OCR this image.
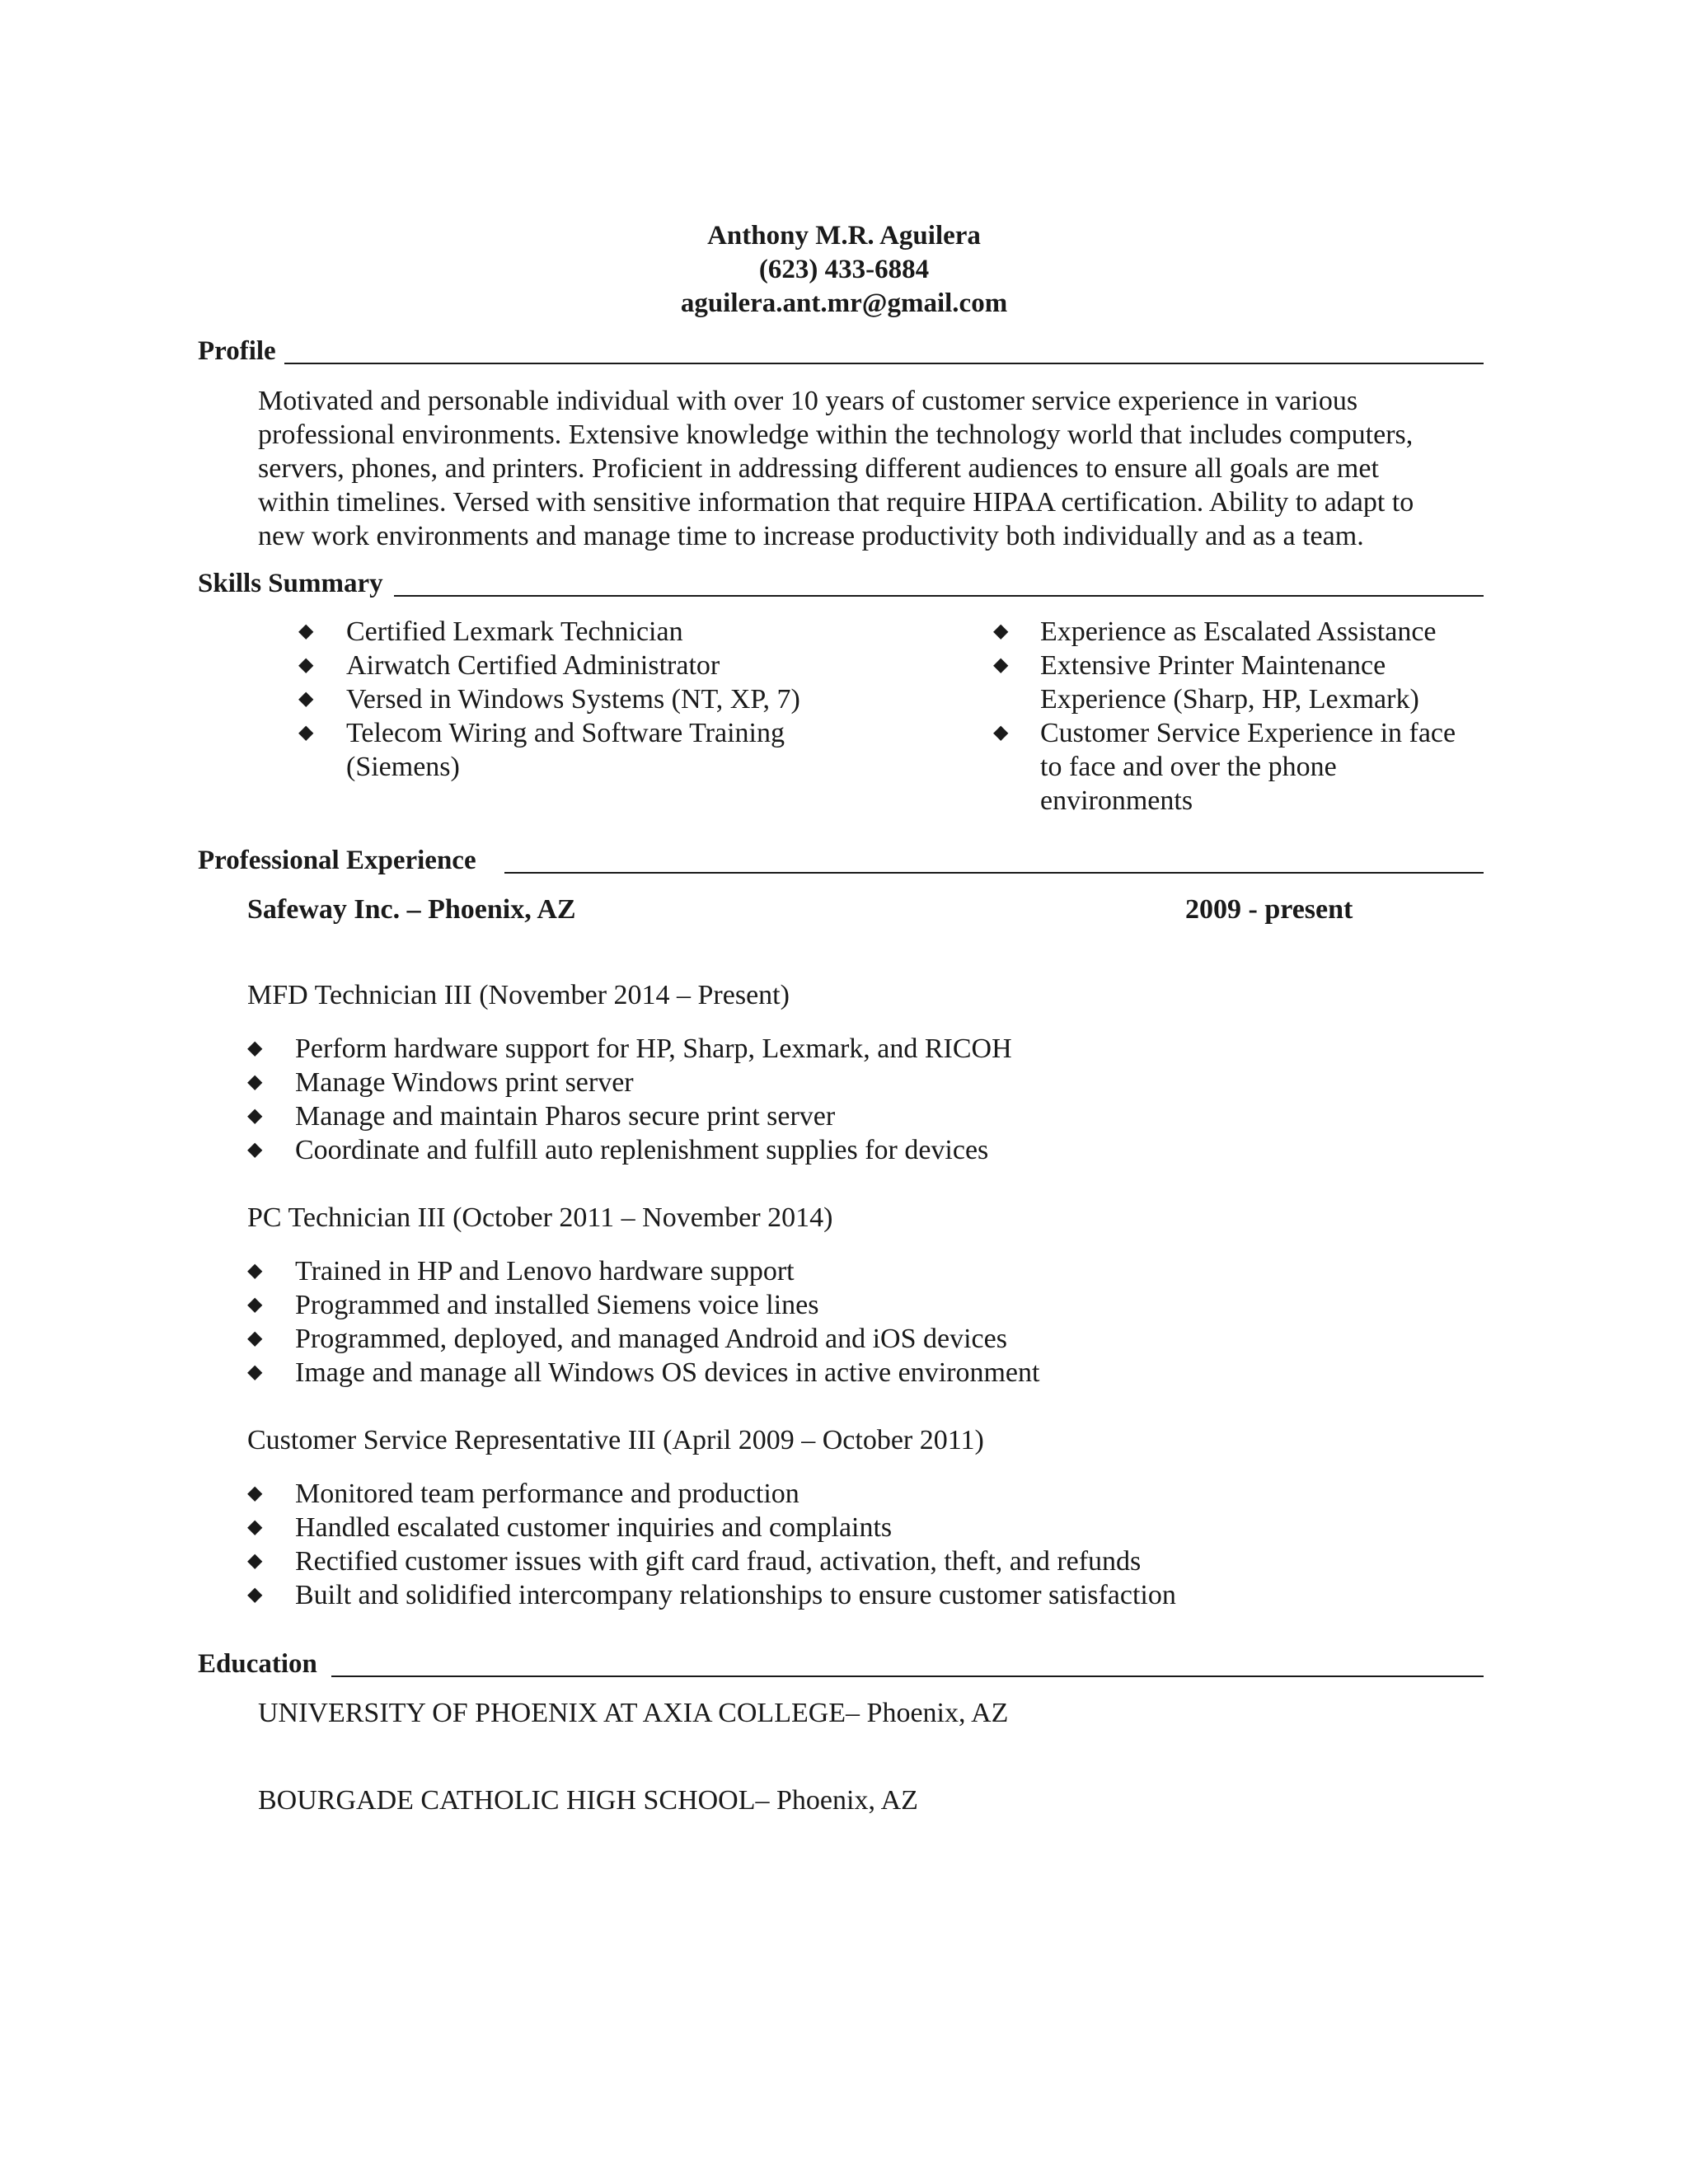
Anthony M.R. Aguilera
(623) 433-6884
aguilera.ant.mr@gmail.com
Profile
Motivated and personable individual with over 10 years of customer service experience in various
professional environments. Extensive knowledge within the technology world that includes computers,
servers, phones, and printers. Proficient in addressing different audiences to ensure all goals are met
within timelines. Versed with sensitive information that require HIPAA certification. Ability to adapt to
new work environments and manage time to increase productivity both individually and as a team.
Skills Summary
◆ Certified Lexmark Technician
◆ Airwatch Certified Administrator
◆ Versed in Windows Systems (NT, XP, 7)
◆ Telecom Wiring and Software Training
(Siemens)
◆ Experience as Escalated Assistance
◆ Extensive Printer Maintenance
Experience (Sharp, HP, Lexmark)
◆ Customer Service Experience in face
to face and over the phone
environments
Professional Experience
Safeway Inc. – Phoenix, AZ	2009 - present
MFD Technician III (November 2014 – Present)
◆ Perform hardware support for HP, Sharp, Lexmark, and RICOH
◆ Manage Windows print server
◆ Manage and maintain Pharos secure print server
◆ Coordinate and fulfill auto replenishment supplies for devices
PC Technician III (October 2011 – November 2014)
◆ Trained in HP and Lenovo hardware support
◆ Programmed and installed Siemens voice lines
◆ Programmed, deployed, and managed Android and iOS devices
◆ Image and manage all Windows OS devices in active environment
Customer Service Representative III (April 2009 – October 2011)
◆ Monitored team performance and production
◆ Handled escalated customer inquiries and complaints
◆ Rectified customer issues with gift card fraud, activation, theft, and refunds
◆ Built and solidified intercompany relationships to ensure customer satisfaction
Education
UNIVERSITY OF PHOENIX AT AXIA COLLEGE– Phoenix, AZ
BOURGADE CATHOLIC HIGH SCHOOL– Phoenix, AZ
